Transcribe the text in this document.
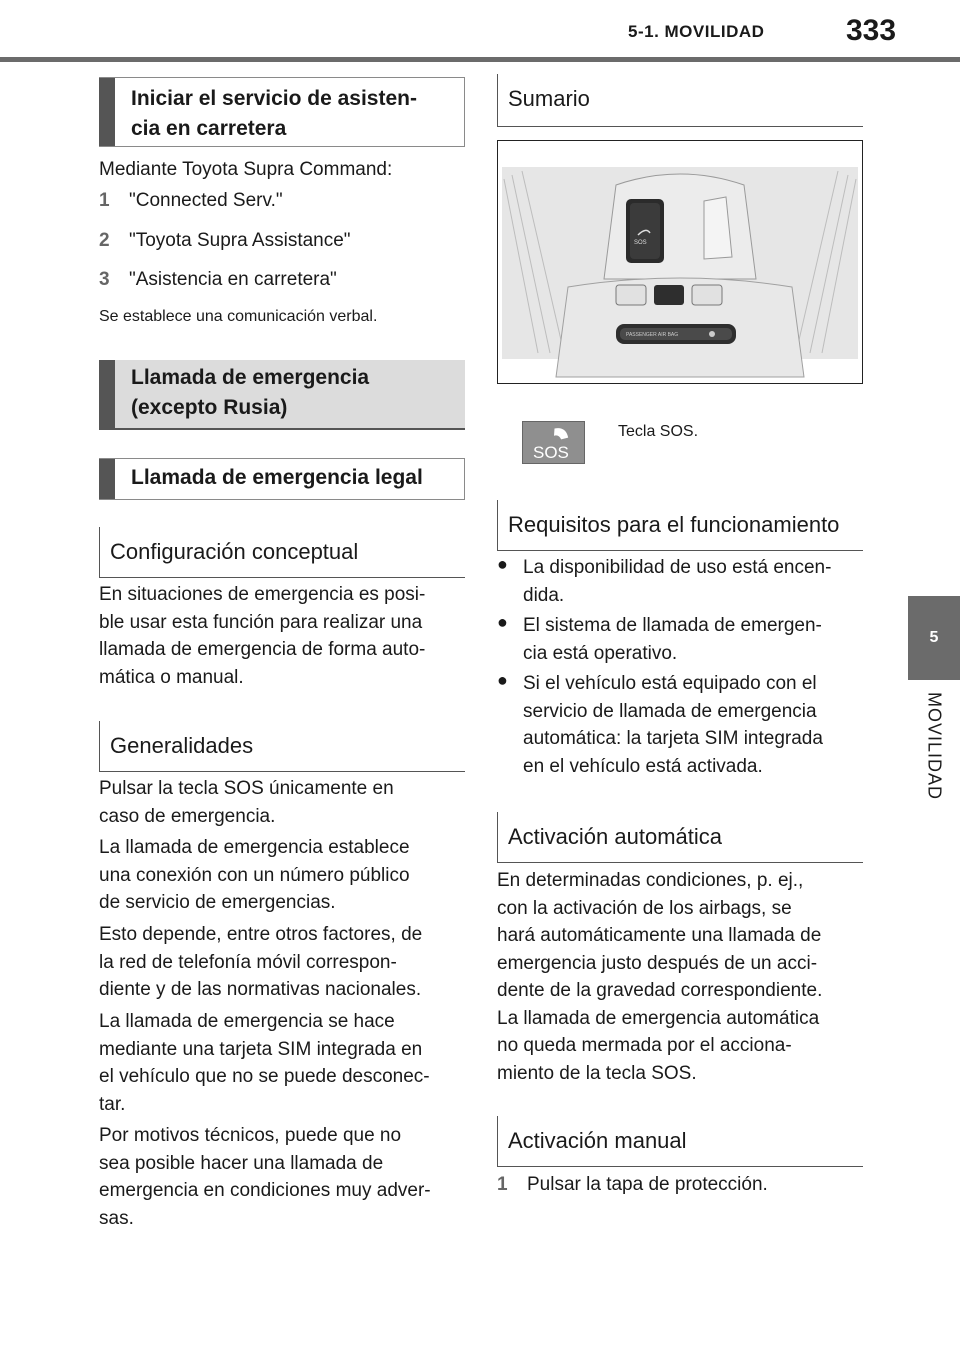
5-1. MOVILIDAD	333
5
MOVILIDAD
Iniciar el servicio de asisten-
cia en carretera
Mediante Toyota Supra Command:
1 "Connected Serv."
2 "Toyota Supra Assistance"
3 "Asistencia en carretera"
Se establece una comunicación verbal.
Llamada de emergencia
(excepto Rusia)
Llamada de emergencia legal
Configuración conceptual
En situaciones de emergencia es posi-
ble usar esta función para realizar una
llamada de emergencia de forma auto-
mática o manual.
Generalidades
Pulsar la tecla SOS únicamente en
caso de emergencia.
La llamada de emergencia establece
una conexión con un número público
de servicio de emergencias.
Esto depende, entre otros factores, de
la red de telefonía móvil correspon-
diente y de las normativas nacionales.
La llamada de emergencia se hace
mediante una tarjeta SIM integrada en
el vehículo que no se puede desconec-
tar.
Por motivos técnicos, puede que no
sea posible hacer una llamada de
emergencia en condiciones muy adver-
sas.
Sumario
SOS
PASSENGER AIR BAG
SOS
Tecla SOS.
Requisitos para el funcionamiento
● La disponibilidad de uso está encen-
dida.
● El sistema de llamada de emergen-
cia está operativo.
● Si el vehículo está equipado con el
servicio de llamada de emergencia
automática: la tarjeta SIM integrada
en el vehículo está activada.
Activación automática
En determinadas condiciones, p. ej.,
con la activación de los airbags, se
hará automáticamente una llamada de
emergencia justo después de un acci-
dente de la gravedad correspondiente.
La llamada de emergencia automática
no queda mermada por el acciona-
miento de la tecla SOS.
Activación manual
1 Pulsar la tapa de protección.
